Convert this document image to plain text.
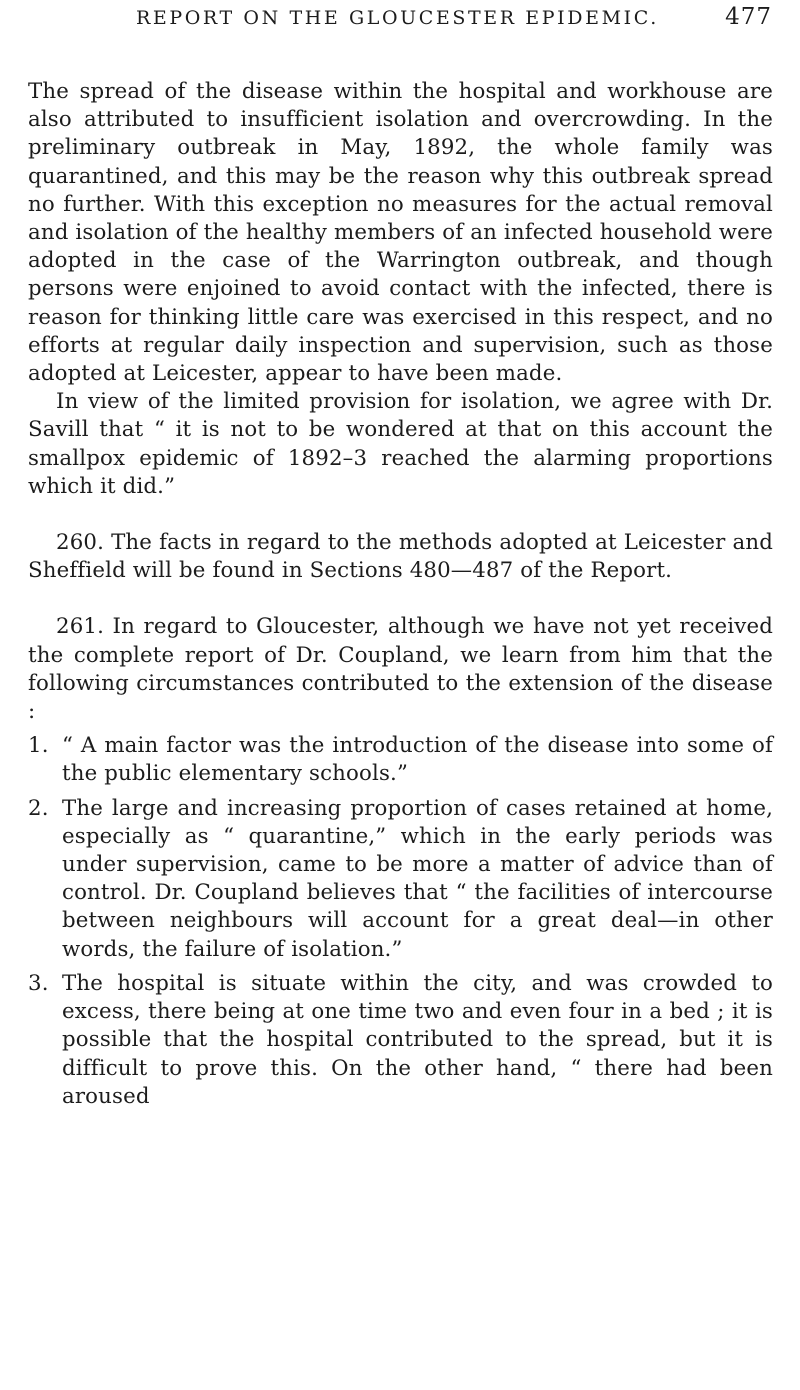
REPORT ON THE GLOUCESTER EPIDEMIC.	477

The spread of the disease within the hospital and workhouse are also attributed to insufficient isolation and overcrowding. In the preliminary outbreak in May, 1892, the whole family was quarantined, and this may be the reason why this outbreak spread no further. With this exception no measures for the actual removal and isolation of the healthy members of an infected household were adopted in the case of the Warrington outbreak, and though persons were enjoined to avoid contact with the infected, there is reason for thinking little care was exercised in this respect, and no efforts at regular daily inspection and supervision, such as those adopted at Leicester, appear to have been made.

In view of the limited provision for isolation, we agree with Dr. Savill that “ it is not to be wondered at that on this account the smallpox epidemic of 1892–3 reached the alarming proportions which it did.”

260. The facts in regard to the methods adopted at Leicester and Sheffield will be found in Sections 480—487 of the Report.

261. In regard to Gloucester, although we have not yet received the complete report of Dr. Coupland, we learn from him that the following circumstances contributed to the extension of the disease :

1. “ A main factor was the introduction of the disease into some of the public elementary schools.”

2. The large and increasing proportion of cases retained at home, especially as “ quarantine,” which in the early periods was under supervision, came to be more a matter of advice than of control. Dr. Coupland believes that “ the facilities of intercourse between neighbours will account for a great deal—in other words, the failure of isolation.”

3. The hospital is situate within the city, and was crowded to excess, there being at one time two and even four in a bed ; it is possible that the hospital contributed to the spread, but it is difficult to prove this. On the other hand, “ there had been aroused
